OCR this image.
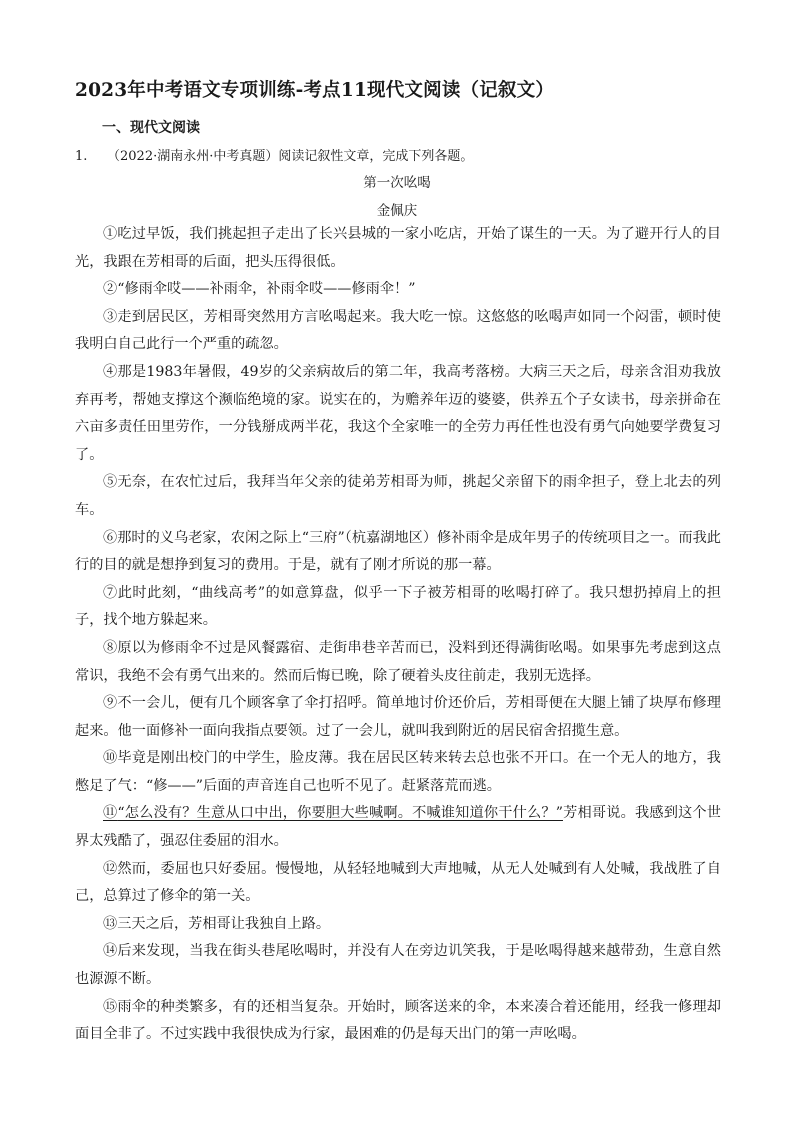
2023年中考语文专项训练-考点11现代文阅读（记叙文）
一、现代文阅读
1. （2022·湖南永州·中考真题）阅读记叙性文章，完成下列各题。
第一次吆喝
金佩庆

①吃过早饭，我们挑起担子走出了长兴县城的一家小吃店，开始了谋生的一天。为了避开行人的目光，我跟在芳相哥的后面，把头压得很低。

②“修雨伞哎——补雨伞，补雨伞哎——修雨伞！”

③走到居民区，芳相哥突然用方言吆喝起来。我大吃一惊。这悠悠的吆喝声如同一个闷雷，顿时使我明白自己此行一个严重的疏忽。

④那是1983年暑假，49岁的父亲病故后的第二年，我高考落榜。大病三天之后，母亲含泪劝我放弃再考，帮她支撑这个濒临绝境的家。说实在的，为赡养年迈的婆婆，供养五个子女读书，母亲拼命在六亩多责任田里劳作，一分钱掰成两半花，我这个全家唯一的全劳力再任性也没有勇气向她要学费复习了。

⑤无奈，在农忙过后，我拜当年父亲的徒弟芳相哥为师，挑起父亲留下的雨伞担子，登上北去的列车。

⑥那时的义乌老家，农闲之际上“三府”（杭嘉湖地区）修补雨伞是成年男子的传统项目之一。而我此行的目的就是想挣到复习的费用。于是，就有了刚才所说的那一幕。

⑦此时此刻，“曲线高考”的如意算盘，似乎一下子被芳相哥的吆喝打碎了。我只想扔掉肩上的担子，找个地方躲起来。

⑧原以为修雨伞不过是风餐露宿、走街串巷辛苦而已，没料到还得满街吆喝。如果事先考虑到这点常识，我绝不会有勇气出来的。然而后悔已晚，除了硬着头皮往前走，我别无选择。

⑨不一会儿，便有几个顾客拿了伞打招呼。简单地讨价还价后，芳相哥便在大腿上铺了块厚布修理起来。他一面修补一面向我指点要领。过了一会儿，就叫我到附近的居民宿舍招揽生意。

⑩毕竟是刚出校门的中学生，脸皮薄。我在居民区转来转去总也张不开口。在一个无人的地方，我憋足了气：“修——”后面的声音连自己也听不见了。赶紧落荒而逃。

⑪“怎么没有？生意从口中出，你要胆大些喊啊。不喊谁知道你干什么？”芳相哥说。我感到这个世界太残酷了，强忍住委屈的泪水。

⑫然而，委屈也只好委屈。慢慢地，从轻轻地喊到大声地喊，从无人处喊到有人处喊，我战胜了自己，总算过了修伞的第一关。

⑬三天之后，芳相哥让我独自上路。

⑭后来发现，当我在街头巷尾吆喝时，并没有人在旁边讥笑我，于是吆喝得越来越带劲，生意自然也源源不断。

⑮雨伞的种类繁多，有的还相当复杂。开始时，顾客送来的伞，本来凑合着还能用，经我一修理却面目全非了。不过实践中我很快成为行家，最困难的仍是每天出门的第一声吆喝。
